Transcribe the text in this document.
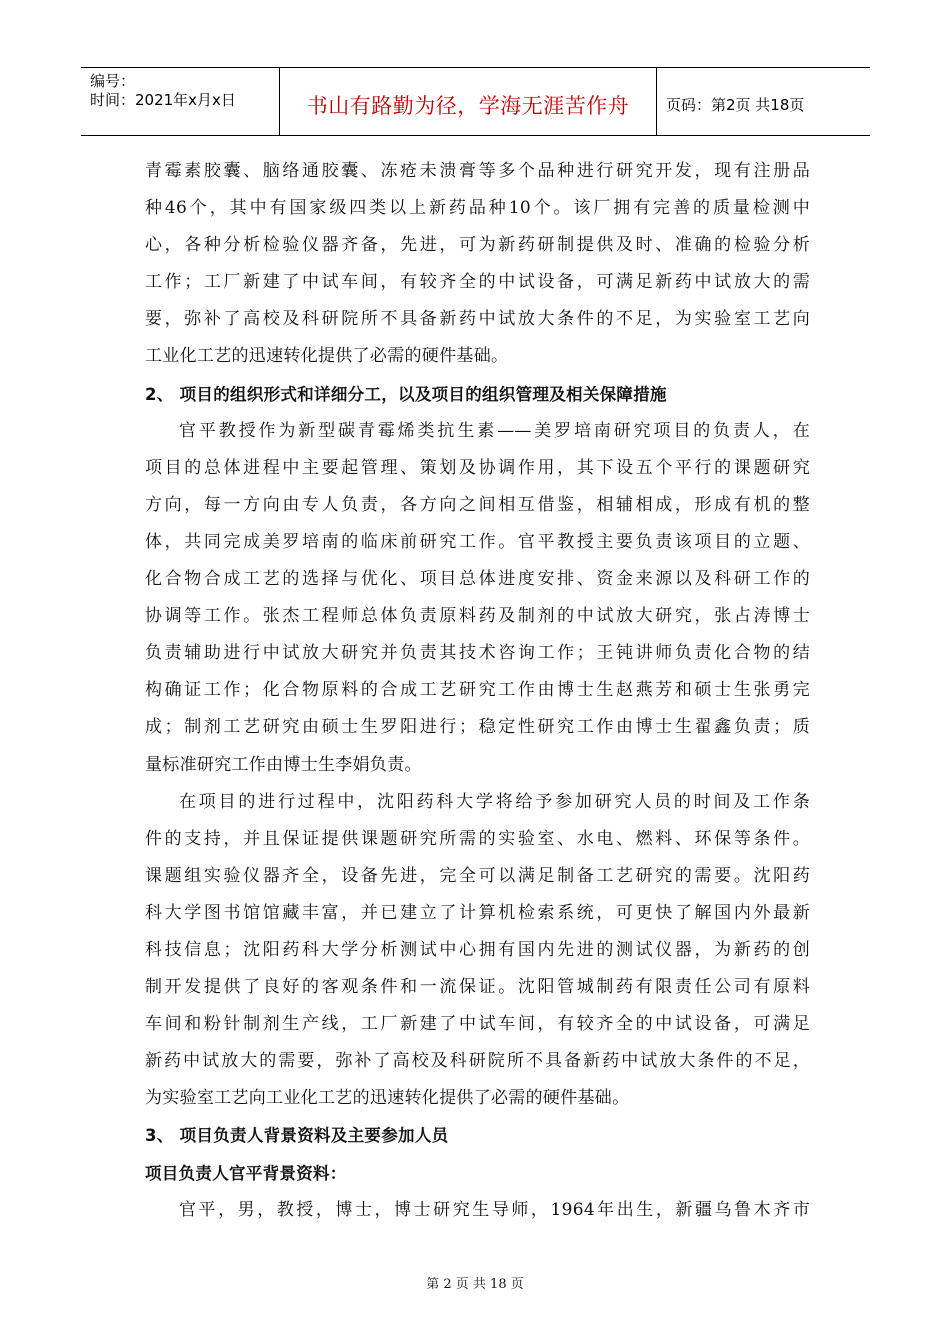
编号：
时间：2021年x月x日	书山有路勤为径，学海无涯苦作舟	页码：第2页 共18页
青霉素胶囊、脑络通胶囊、冻疮未溃膏等多个品种进行研究开发，现有注册品
种46个，其中有国家级四类以上新药品种10个。该厂拥有完善的质量检测中
心，各种分析检验仪器齐备，先进，可为新药研制提供及时、准确的检验分析
工作；工厂新建了中试车间，有较齐全的中试设备，可满足新药中试放大的需
要，弥补了高校及科研院所不具备新药中试放大条件的不足，为实验室工艺向
工业化工艺的迅速转化提供了必需的硬件基础。
2、 项目的组织形式和详细分工，以及项目的组织管理及相关保障措施
官平教授作为新型碳青霉烯类抗生素——美罗培南研究项目的负责人，在
项目的总体进程中主要起管理、策划及协调作用，其下设五个平行的课题研究
方向，每一方向由专人负责，各方向之间相互借鉴，相辅相成，形成有机的整
体，共同完成美罗培南的临床前研究工作。官平教授主要负责该项目的立题、
化合物合成工艺的选择与优化、项目总体进度安排、资金来源以及科研工作的
协调等工作。张杰工程师总体负责原料药及制剂的中试放大研究，张占涛博士
负责辅助进行中试放大研究并负责其技术咨询工作；王钝讲师负责化合物的结
构确证工作；化合物原料的合成工艺研究工作由博士生赵燕芳和硕士生张勇完
成；制剂工艺研究由硕士生罗阳进行；稳定性研究工作由博士生翟鑫负责；质
量标准研究工作由博士生李娟负责。
在项目的进行过程中，沈阳药科大学将给予参加研究人员的时间及工作条
件的支持，并且保证提供课题研究所需的实验室、水电、燃料、环保等条件。
课题组实验仪器齐全，设备先进，完全可以满足制备工艺研究的需要。沈阳药
科大学图书馆馆藏丰富，并已建立了计算机检索系统，可更快了解国内外最新
科技信息；沈阳药科大学分析测试中心拥有国内先进的测试仪器，为新药的创
制开发提供了良好的客观条件和一流保证。沈阳管城制药有限责任公司有原料
车间和粉针制剂生产线，工厂新建了中试车间，有较齐全的中试设备，可满足
新药中试放大的需要，弥补了高校及科研院所不具备新药中试放大条件的不足，
为实验室工艺向工业化工艺的迅速转化提供了必需的硬件基础。
3、 项目负责人背景资料及主要参加人员
项目负责人官平背景资料：
官平，男，教授，博士，博士研究生导师，1964年出生，新疆乌鲁木齐市
第 2 页 共 18 页
